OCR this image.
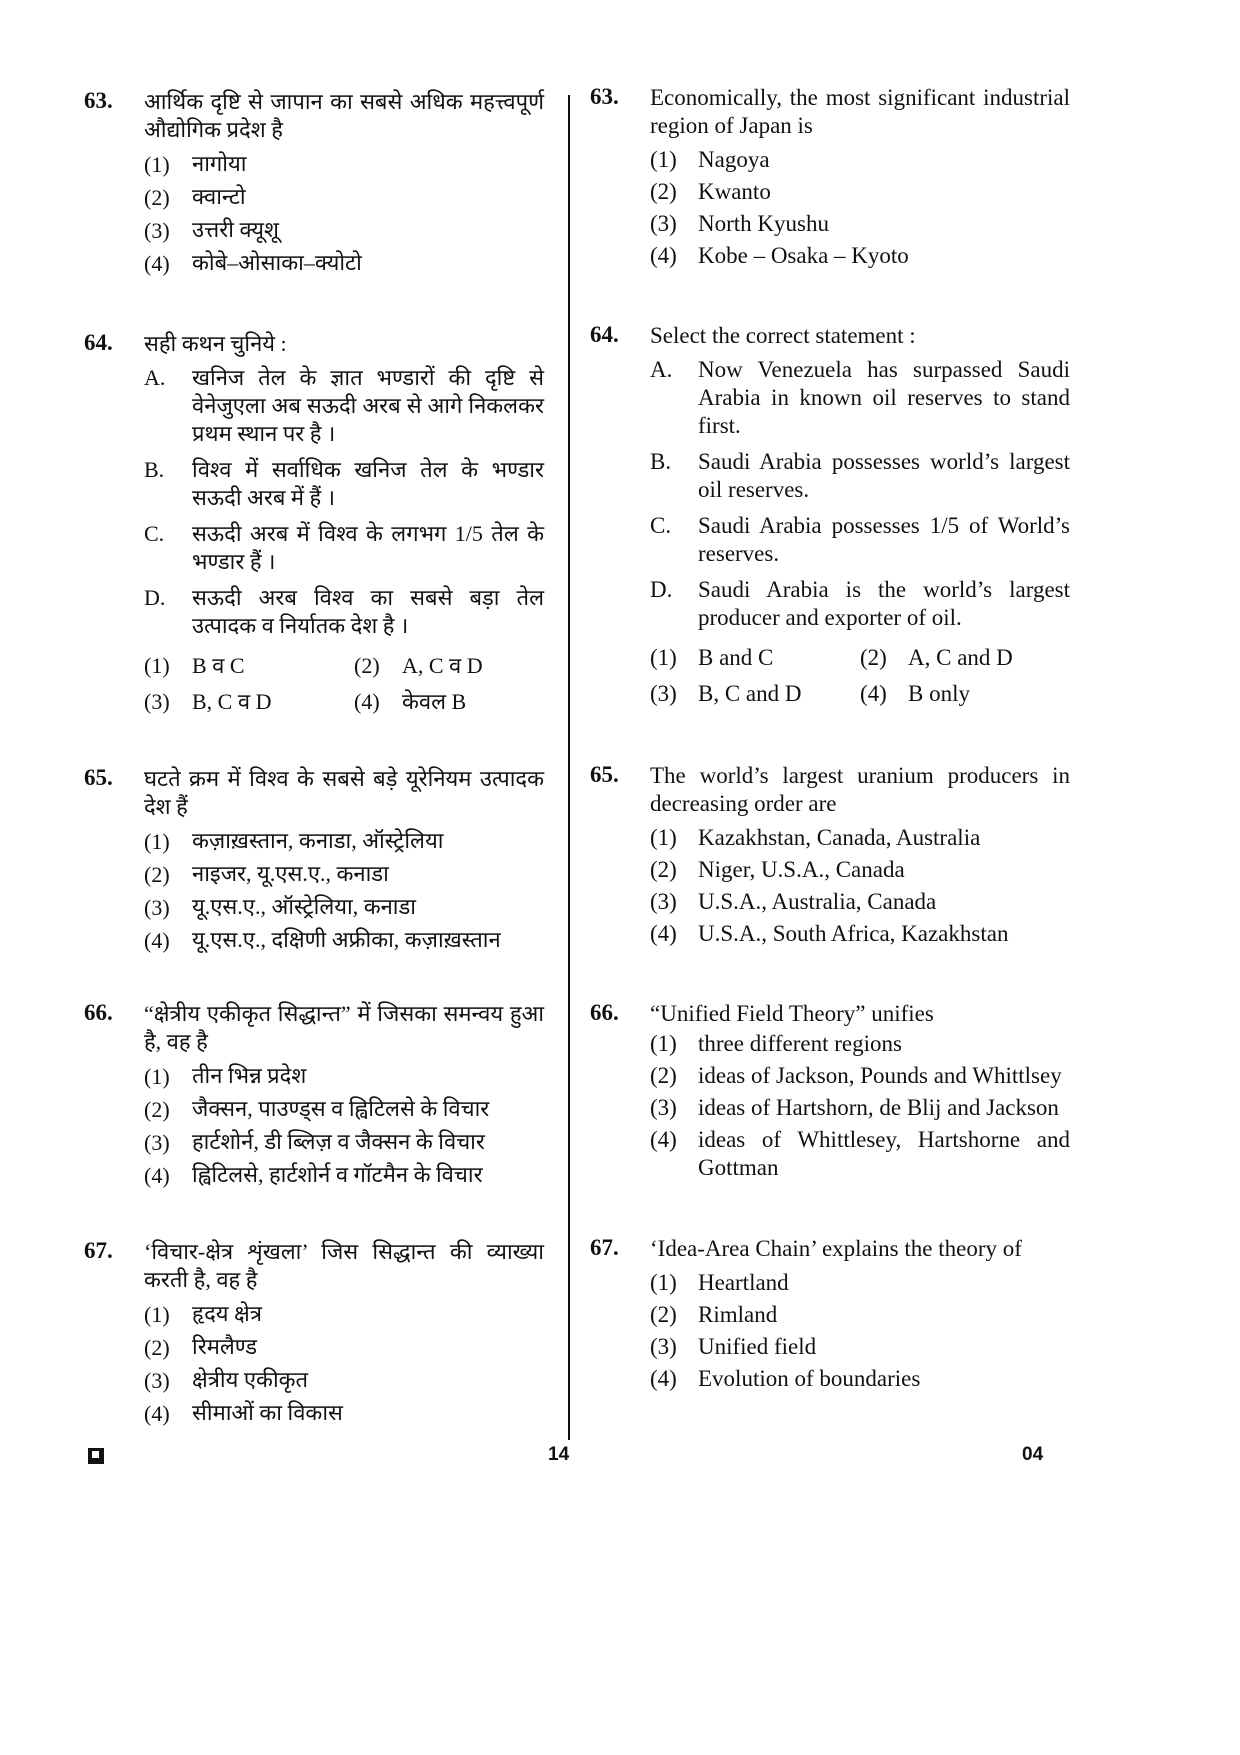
63. आर्थिक दृष्टि से जापान का सबसे अधिक महत्त्वपूर्ण औद्योगिक प्रदेश है
(1)	नागोया
(2)	क्वान्टो
(3)	उत्तरी क्यूशू
(4)	कोबे–ओसाका–क्योटो
64. सही कथन चुनिये :
A.	खनिज तेल के ज्ञात भण्डारों की दृष्टि से वेनेजुएला अब सऊदी अरब से आगे निकलकर प्रथम स्थान पर है ।
B.	विश्व में सर्वाधिक खनिज तेल के भण्डार सऊदी अरब में हैं ।
C.	सऊदी अरब में विश्व के लगभग 1/5 तेल के भण्डार हैं ।
D.	सऊदी अरब विश्व का सबसे बड़ा तेल उत्पादक व निर्यातक देश है ।
(1)	B व C	(2)	A, C व D
(3)	B, C व D	(4)	केवल B
65. घटते क्रम में विश्व के सबसे बड़े यूरेनियम उत्पादक देश हैं
(1)	कज़ाख़स्तान, कनाडा, ऑस्ट्रेलिया
(2)	नाइजर, यू.एस.ए., कनाडा
(3)	यू.एस.ए., ऑस्ट्रेलिया, कनाडा
(4)	यू.एस.ए., दक्षिणी अफ्रीका, कज़ाख़स्तान
66. “क्षेत्रीय एकीकृत सिद्धान्त” में जिसका समन्वय हुआ है, वह है
(1)	तीन भिन्न प्रदेश
(2)	जैक्सन, पाउण्ड्स व ह्विटिलसे के विचार
(3)	हार्टशोर्न, डी ब्लिज़ व जैक्सन के विचार
(4)	ह्विटिलसे, हार्टशोर्न व गॉटमैन के विचार
67. ‘विचार-क्षेत्र शृंखला’ जिस सिद्धान्त की व्याख्या करती है, वह है
(1)	हृदय क्षेत्र
(2)	रिमलैण्ड
(3)	क्षेत्रीय एकीकृत
(4)	सीमाओं का विकास
63. Economically, the most significant industrial region of Japan is
(1) Nagoya
(2) Kwanto
(3) North Kyushu
(4) Kobe – Osaka – Kyoto
64. Select the correct statement :
A.	Now Venezuela has surpassed Saudi Arabia in known oil reserves to stand first.
B.	Saudi Arabia possesses world’s largest oil reserves.
C.	Saudi Arabia possesses 1/5 of World’s reserves.
D.	Saudi Arabia is the world’s largest producer and exporter of oil.
(1) B and C	(2) A, C and D
(3) B, C and D	(4) B only
65. The world’s largest uranium producers in decreasing order are
(1) Kazakhstan, Canada, Australia
(2) Niger, U.S.A., Canada
(3) U.S.A., Australia, Canada
(4) U.S.A., South Africa, Kazakhstan
66. “Unified Field Theory” unifies
(1) three different regions
(2) ideas of Jackson, Pounds and Whittlsey
(3) ideas of Hartshorn, de Blij and Jackson
(4) ideas of Whittlesey, Hartshorne and Gottman
67. ‘Idea-Area Chain’ explains the theory of
(1) Heartland
(2) Rimland
(3) Unified field
(4) Evolution of boundaries
14	04
